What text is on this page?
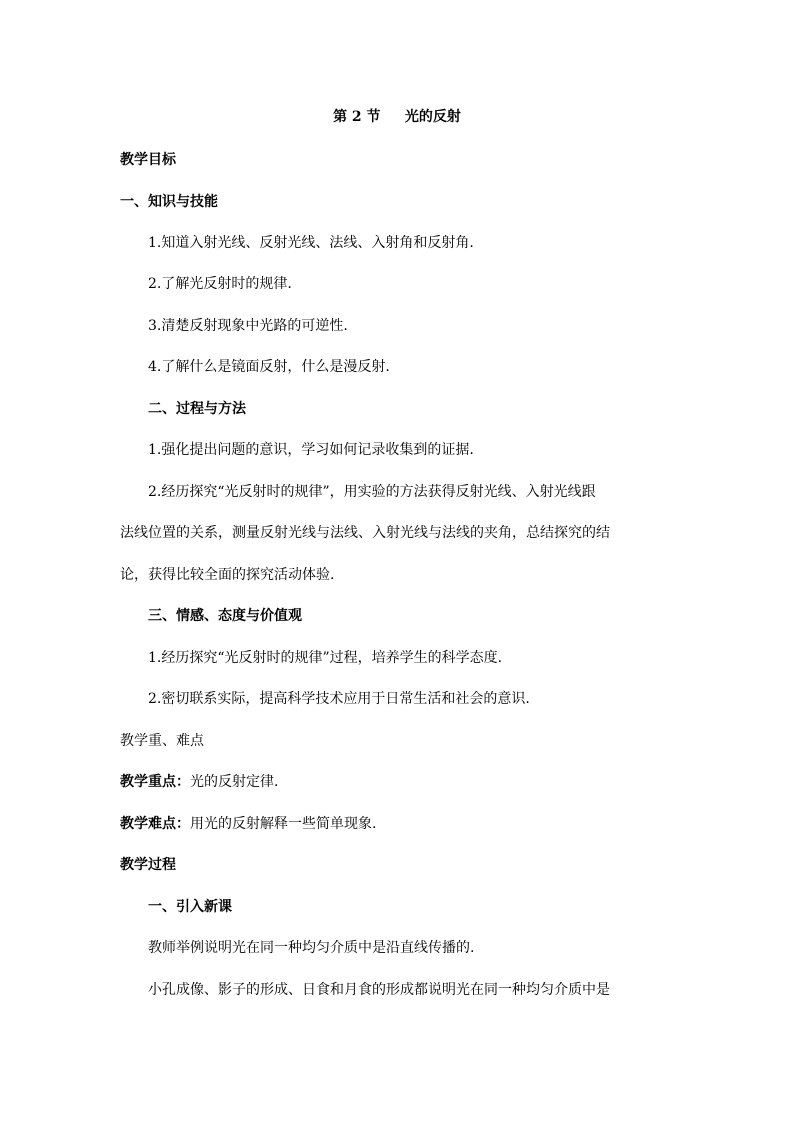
第 2 节     光的反射
教学目标
一、知识与技能
1.知道入射光线、反射光线、法线、入射角和反射角.
2.了解光反射时的规律.
3.清楚反射现象中光路的可逆性.
4.了解什么是镜面反射，什么是漫反射.
二、过程与方法
1.强化提出问题的意识，学习如何记录收集到的证据.
2.经历探究“光反射时的规律”，用实验的方法获得反射光线、入射光线跟
法线位置的关系，测量反射光线与法线、入射光线与法线的夹角，总结探究的结
论，获得比较全面的探究活动体验.
三、情感、态度与价值观
1.经历探究“光反射时的规律”过程，培养学生的科学态度.
2.密切联系实际，提高科学技术应用于日常生活和社会的意识.
教学重、难点
教学重点：光的反射定律.
教学难点：用光的反射解释一些简单现象.
教学过程
一、引入新课
教师举例说明光在同一种均匀介质中是沿直线传播的.
小孔成像、影子的形成、日食和月食的形成都说明光在同一种均匀介质中是
